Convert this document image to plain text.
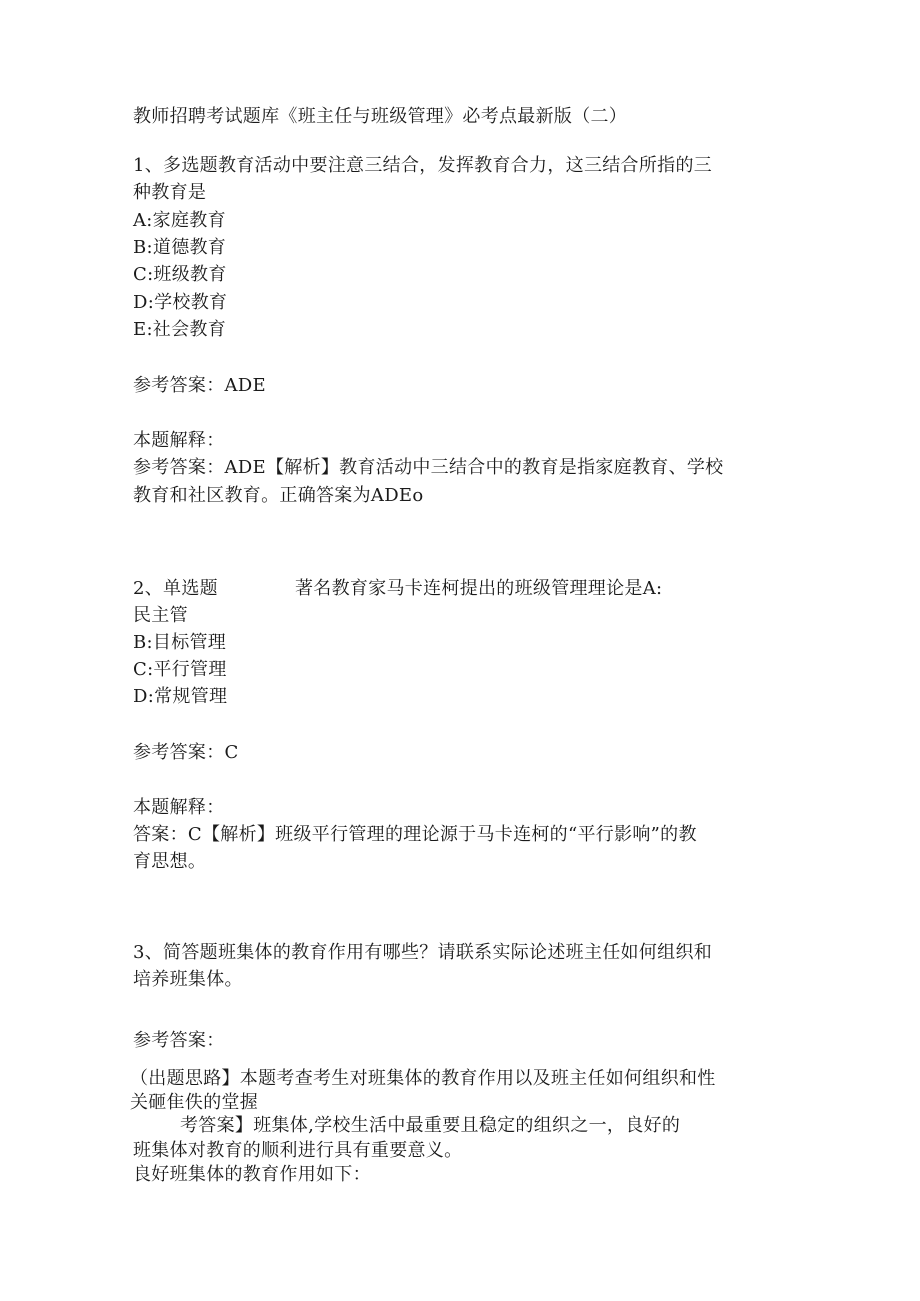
教师招聘考试题库《班主任与班级管理》必考点最新版（二）
1、多选题教育活动中要注意三结合，发挥教育合力，这三结合所指的三
种教育是
A:家庭教育
B:道德教育
C:班级教育
D:学校教育
E:社会教育
参考答案：ADE
本题解释：
参考答案：ADE【解析】教育活动中三结合中的教育是指家庭教育、学校
教育和社区教育。正确答案为ADEo
2、单选题	著名教育家马卡连柯提出的班级管理理论是A:
民主管
B:目标管理
C:平行管理
D:常规管理
参考答案：C
本题解释：
答案：C【解析】班级平行管理的理论源于马卡连柯的“平行影响”的教
育思想。
3、简答题班集体的教育作用有哪些？请联系实际论述班主任如何组织和
培养班集体。
参考答案：
（出题思路】本题考查考生对班集体的教育作用以及班主任如何组织和性
关砸隹佚的堂握
考答案】班集体,学校生活中最重要且稳定的组织之一，良好的
班集体对教育的顺利进行具有重要意义。
良好班集体的教育作用如下：
